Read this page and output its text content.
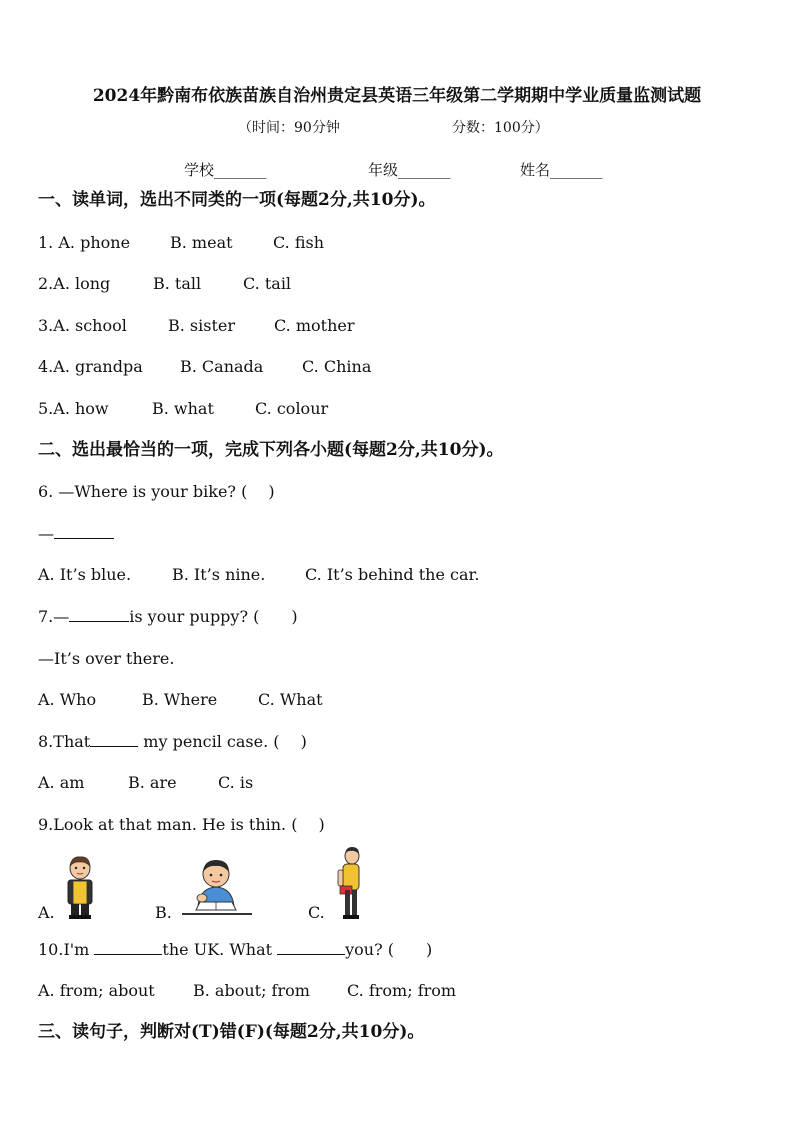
2024年黔南布依族苗族自治州贵定县英语三年级第二学期期中学业质量监测试题
（时间：90分钟	分数：100分）
学校_______	年级_______	姓名_______
一、读单词，选出不同类的一项(每题2分,共10分)。
1. A. phone B. meat	C. fish
2.A. long	B. tall	C. tail
3.A. school	B. sister C. mother
4.A. grandpa B. Canada C. China
5.A. how	B. what	C. colour
二、选出最恰当的一项，完成下列各小题(每题2分,共10分)。
6. —Where is your bike? (　 )
—
A. It’s blue.	B. It’s nine. C. It’s behind the car.
7.—	is your puppy? (　　)
—It’s over there.
A. Who	B. Where	C. What
8.That	my pencil case. (　 )
A. am	B. are	C. is
9.Look at that man. He is thin. (　 )
A.	B.	C.
10.I'm	the UK. What	you? (　　)
A. from; about B. about; from C. from; from
三、读句子，判断对(T)错(F)(每题2分,共10分)。
